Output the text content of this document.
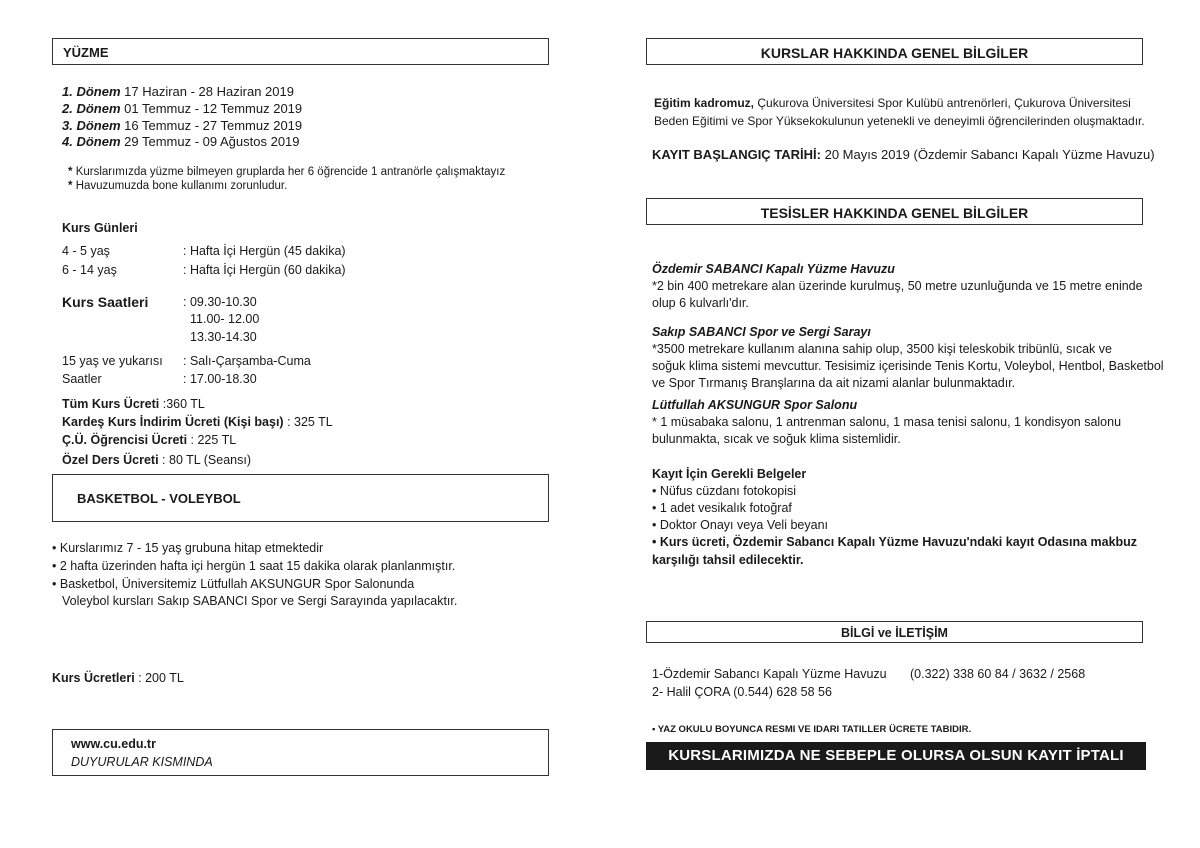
YÜZME
1. Dönem 17 Haziran - 28 Haziran 2019
2. Dönem 01 Temmuz - 12 Temmuz 2019
3. Dönem 16 Temmuz - 27 Temmuz 2019
4. Dönem 29 Temmuz - 09 Ağustos 2019
* Kurslarımızda yüzme bilmeyen gruplarda her 6 öğrencide 1 antranörle çalışmaktayız
* Havuzumuzda bone kullanımı zorunludur.
Kurs Günleri
4 - 5 yaş	: Hafta İçi Hergün (45 dakika)
6 - 14 yaş	: Hafta İçi Hergün (60 dakika)
Kurs Saatleri	: 09.30-10.30
11.00- 12.00
13.30-14.30
15 yaş ve yukarısı : Salı-Çarşamba-Cuma
Saatler	: 17.00-18.30
Tüm Kurs Ücreti :360 TL
Kardeş Kurs İndirim Ücreti (Kişi başı) : 325 TL
Ç.Ü. Öğrencisi Ücreti : 225 TL
Özel Ders Ücreti : 80 TL (Seansı)
BASKETBOL - VOLEYBOL
• Kurslarımız 7 - 15 yaş grubuna hitap etmektedir
• 2 hafta üzerinden hafta içi hergün 1 saat 15 dakika olarak planlanmıştır.
• Basketbol, Üniversitemiz Lütfullah AKSUNGUR Spor Salonunda
Voleybol kursları Sakıp SABANCI Spor ve Sergi Sarayında yapılacaktır.
Kurs Ücretleri : 200 TL
www.cu.edu.tr
DUYURULAR KISMINDA
KURSLAR HAKKINDA GENEL BİLGİLER
Eğitim kadromuz, Çukurova Üniversitesi Spor Kulübü antrenörleri, Çukurova Üniversitesi
Beden Eğitimi ve Spor Yüksekokulunun yetenekli ve deneyimli öğrencilerinden oluşmaktadır.
KAYIT BAŞLANGIÇ TARİHİ: 20 Mayıs 2019 (Özdemir Sabancı Kapalı Yüzme Havuzu)
TESİSLER HAKKINDA GENEL BİLGİLER
Özdemir SABANCI Kapalı Yüzme Havuzu
*2 bin 400 metrekare alan üzerinde kurulmuş, 50 metre uzunluğunda ve 15 metre eninde
olup 6 kulvarlı'dır.
Sakıp SABANCI Spor ve Sergi Sarayı
*3500 metrekare kullanım alanına sahip olup, 3500 kişi teleskobik tribünlü, sıcak ve
soğuk klima sistemi mevcuttur. Tesisimiz içerisinde Tenis Kortu, Voleybol, Hentbol, Basketbol
ve Spor Tırmanış Branşlarına da ait nizami alanlar bulunmaktadır.
Lütfullah AKSUNGUR Spor Salonu
* 1 müsabaka salonu, 1 antrenman salonu, 1 masa tenisi salonu, 1 kondisyon salonu
bulunmakta, sıcak ve soğuk klima sistemlidir.
Kayıt İçin Gerekli Belgeler
• Nüfus cüzdanı fotokopisi
• 1 adet vesikalık fotoğraf
• Doktor Onayı veya Veli beyanı
• Kurs ücreti, Özdemir Sabancı Kapalı Yüzme Havuzu'ndaki kayıt Odasına makbuz
karşılığı tahsil edilecektir.
BİLGİ ve İLETİŞİM
1-Özdemir Sabancı Kapalı Yüzme Havuzu (0.322) 338 60 84 / 3632 / 2568
2- Halil ÇORA (0.544) 628 58 56
• YAZ OKULU BOYUNCA RESMI VE IDARI TATILLER ÜCRETE TABIDIR.
KURSLARIMIZDA NE SEBEPLE OLURSA OLSUN KAYIT İPTALI YAPILAMAZ.
